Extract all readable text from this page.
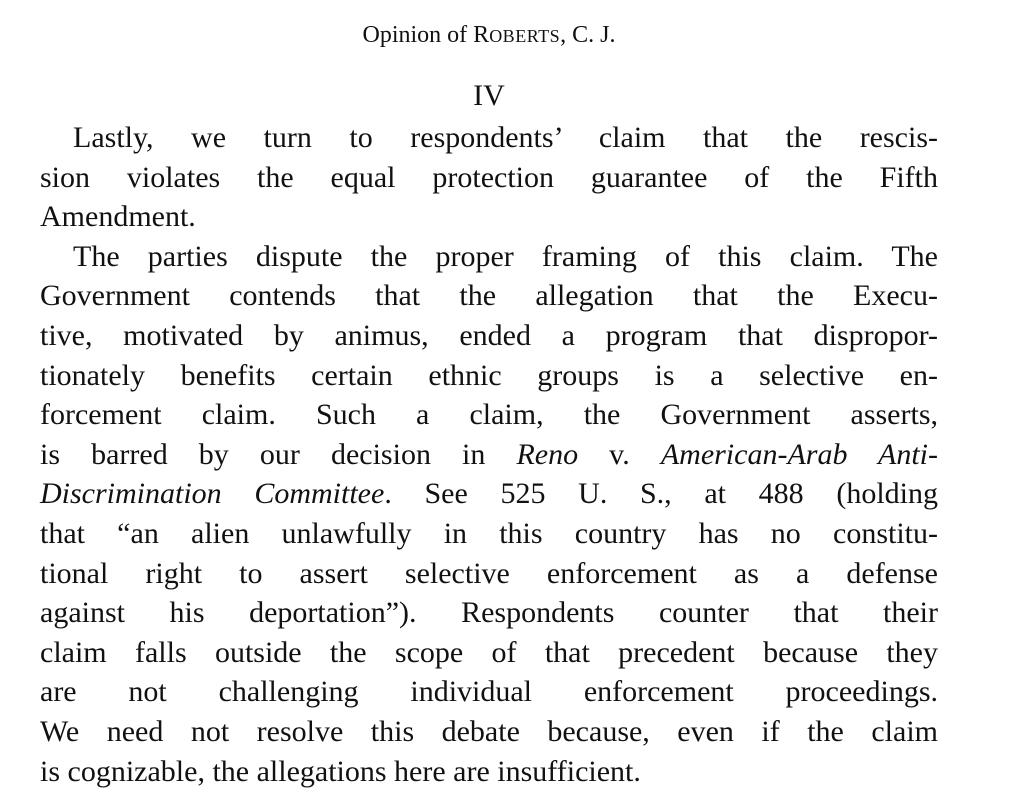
Opinion of ROBERTS, C. J.
IV
Lastly, we turn to respondents’ claim that the rescis-
sion violates the equal protection guarantee of the Fifth
Amendment.
The parties dispute the proper framing of this claim. The
Government contends that the allegation that the Execu-
tive, motivated by animus, ended a program that dispropor-
tionately benefits certain ethnic groups is a selective en-
forcement claim. Such a claim, the Government asserts,
is barred by our decision in Reno v. American-Arab Anti-
Discrimination Committee. See 525 U. S., at 488 (holding
that “an alien unlawfully in this country has no constitu-
tional right to assert selective enforcement as a defense
against his deportation”). Respondents counter that their
claim falls outside the scope of that precedent because they
are not challenging individual enforcement proceedings.
We need not resolve this debate because, even if the claim
is cognizable, the allegations here are insufficient.
